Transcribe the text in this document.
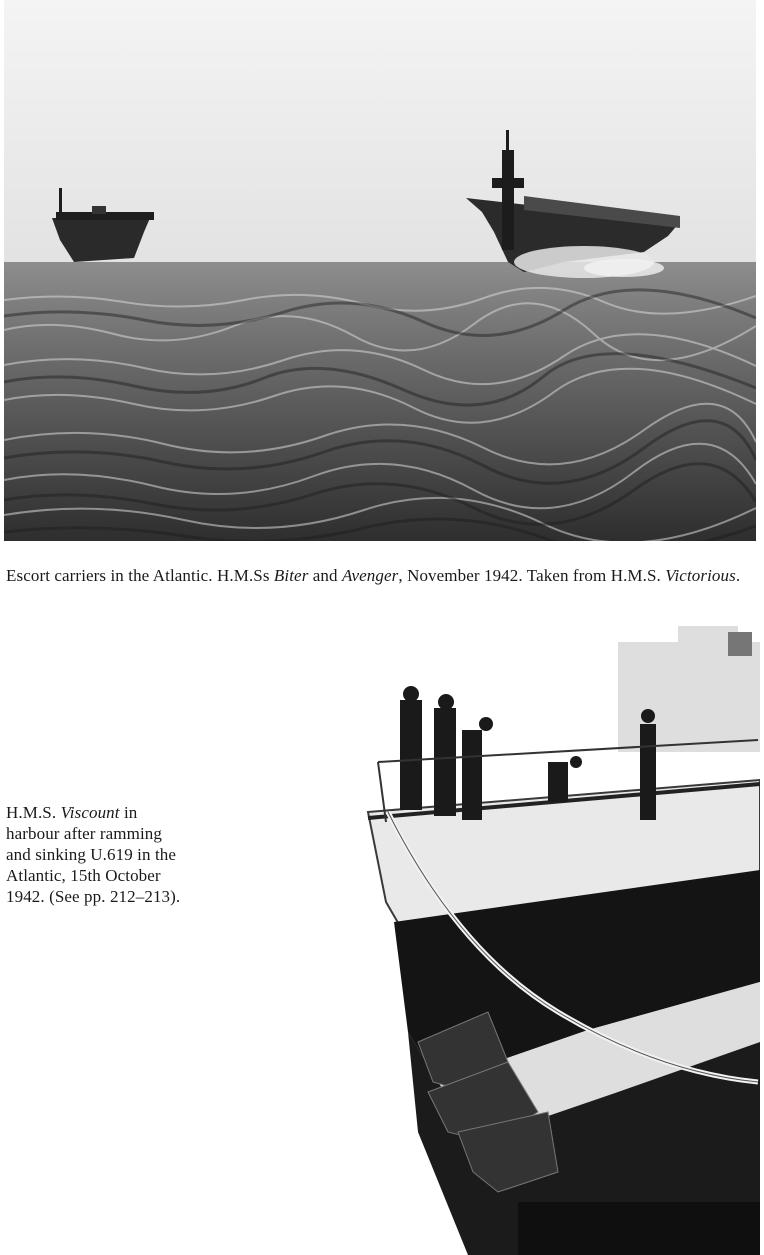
Escort carriers in the Atlantic. H.M.Ss Biter and Avenger, November 1942. Taken from H.M.S. Victorious.

H.M.S. Viscount in
harbour after ramming
and sinking U.619 in the
Atlantic, 15th October
1942. (See pp. 212–213).
